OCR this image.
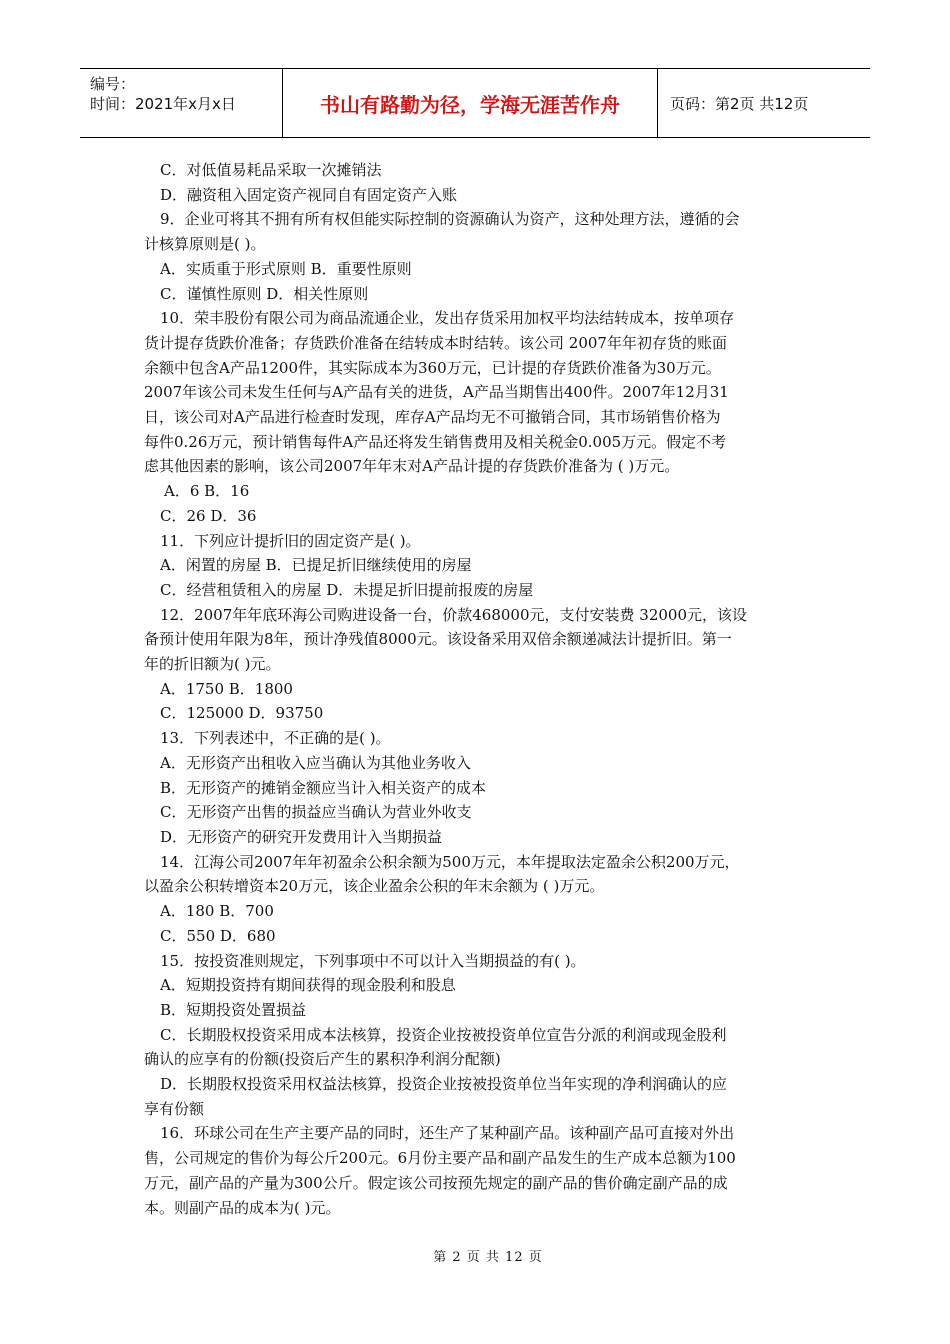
编号：
时间：2021年x月x日	书山有路勤为径，学海无涯苦作舟	页码：第2页 共12页
C．对低值易耗品采取一次摊销法
D．融资租入固定资产视同自有固定资产入账
9．企业可将其不拥有所有权但能实际控制的资源确认为资产，这种处理方法，遵循的会
计核算原则是( )。
A．实质重于形式原则 B．重要性原则
C．谨慎性原则 D．相关性原则
10．荣丰股份有限公司为商品流通企业，发出存货采用加权平均法结转成本，按单项存
货计提存货跌价准备；存货跌价准备在结转成本时结转。该公司 2007年年初存货的账面
余额中包含A产品1200件，其实际成本为360万元，已计提的存货跌价准备为30万元。
2007年该公司未发生任何与A产品有关的进货，A产品当期售出400件。2007年12月31
日，该公司对A产品进行检查时发现，库存A产品均无不可撤销合同，其市场销售价格为
每件0.26万元，预计销售每件A产品还将发生销售费用及相关税金0.005万元。假定不考
虑其他因素的影响，该公司2007年年末对A产品计提的存货跌价准备为 ( )万元。
A．6 B．16
C．26 D．36
11．下列应计提折旧的固定资产是( )。
A．闲置的房屋 B．已提足折旧继续使用的房屋
C．经营租赁租入的房屋 D．未提足折旧提前报废的房屋
12．2007年年底环海公司购进设备一台，价款468000元，支付安装费 32000元，该设
备预计使用年限为8年，预计净残值8000元。该设备采用双倍余额递减法计提折旧。第一
年的折旧额为( )元。
A．1750 B．1800
C．125000 D．93750
13．下列表述中，不正确的是( )。
A．无形资产出租收入应当确认为其他业务收入
B．无形资产的摊销金额应当计入相关资产的成本
C．无形资产出售的损益应当确认为营业外收支
D．无形资产的研究开发费用计入当期损益
14．江海公司2007年年初盈余公积余额为500万元，本年提取法定盈余公积200万元，
以盈余公积转增资本20万元，该企业盈余公积的年末余额为 ( )万元。
A．180 B．700
C．550 D．680
15．按投资准则规定，下列事项中不可以计入当期损益的有( )。
A．短期投资持有期间获得的现金股利和股息
B．短期投资处置损益
C．长期股权投资采用成本法核算，投资企业按被投资单位宣告分派的利润或现金股利
确认的应享有的份额(投资后产生的累积净利润分配额)
D．长期股权投资采用权益法核算，投资企业按被投资单位当年实现的净利润确认的应
享有份额
16．环球公司在生产主要产品的同时，还生产了某种副产品。该种副产品可直接对外出
售，公司规定的售价为每公斤200元。6月份主要产品和副产品发生的生产成本总额为100
万元，副产品的产量为300公斤。假定该公司按预先规定的副产品的售价确定副产品的成
本。则副产品的成本为( )元。
第 2 页 共 12 页
